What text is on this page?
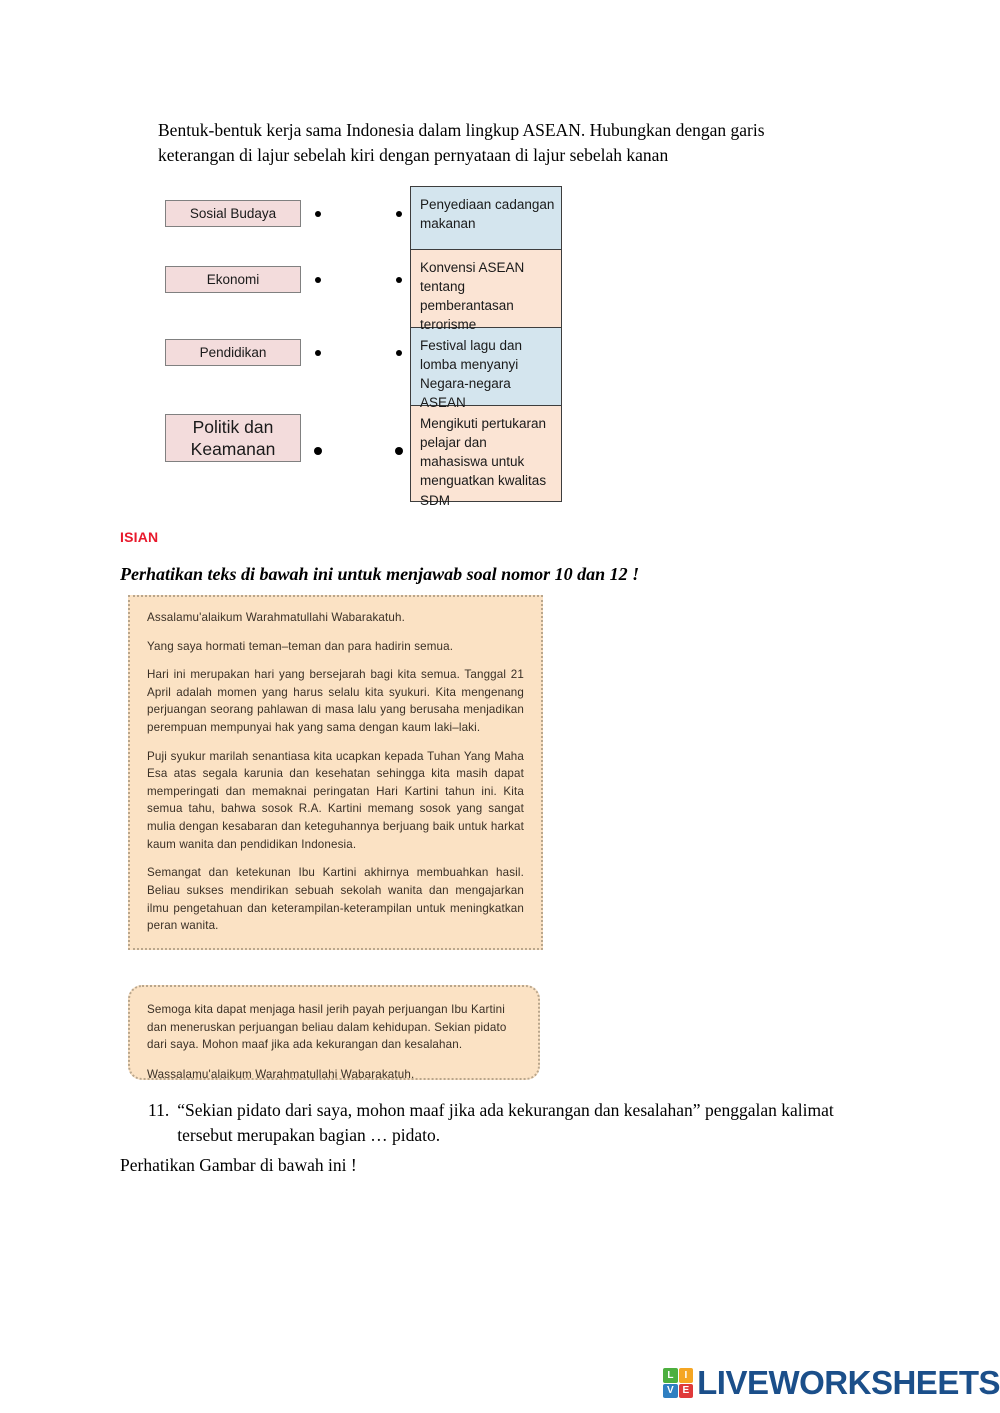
Bentuk-bentuk kerja sama Indonesia dalam lingkup ASEAN. Hubungkan dengan garis keterangan di lajur sebelah kiri dengan pernyataan di lajur sebelah kanan
Sosial Budaya
Ekonomi
Pendidikan
Politik dan Keamanan
Penyediaan cadangan makanan
Konvensi ASEAN tentang pemberantasan terorisme
Festival lagu dan lomba menyanyi Negara-negara ASEAN
Mengikuti pertukaran pelajar dan mahasiswa untuk menguatkan kwalitas SDM
ISIAN
Perhatikan teks di bawah ini untuk menjawab soal nomor 10 dan 12 !

Assalamu'alaikum Warahmatullahi Wabarakatuh.

Yang saya hormati teman–teman dan para hadirin semua.

Hari ini merupakan hari yang bersejarah bagi kita semua. Tanggal 21 April adalah momen yang harus selalu kita syukuri. Kita mengenang perjuangan seorang pahlawan di masa lalu yang berusaha menjadikan perempuan mempunyai hak yang sama dengan kaum laki–laki.

Puji syukur marilah senantiasa kita ucapkan kepada Tuhan Yang Maha Esa atas segala karunia dan kesehatan sehingga kita masih dapat memperingati dan memaknai peringatan Hari Kartini tahun ini. Kita semua tahu, bahwa sosok R.A. Kartini memang sosok yang sangat mulia dengan kesabaran dan keteguhannya berjuang baik untuk harkat kaum wanita dan pendidikan Indonesia.

Semangat dan ketekunan Ibu Kartini akhirnya membuahkan hasil. Beliau sukses mendirikan sebuah sekolah wanita dan mengajarkan ilmu pengetahuan dan keterampilan-keterampilan untuk meningkatkan peran wanita.

Semoga kita dapat menjaga hasil jerih payah perjuangan Ibu Kartini dan meneruskan perjuangan beliau dalam kehidupan. Sekian pidato dari saya. Mohon maaf jika ada kekurangan dan kesalahan.

Wassalamu'alaikum Warahmatullahi Wabarakatuh.

11. “Sekian pidato dari saya, mohon maaf jika ada kekurangan dan kesalahan” penggalan kalimat tersebut merupakan bagian … pidato.
Perhatikan Gambar di bawah ini !
L	I
V E LIVEWORKSHEETS
